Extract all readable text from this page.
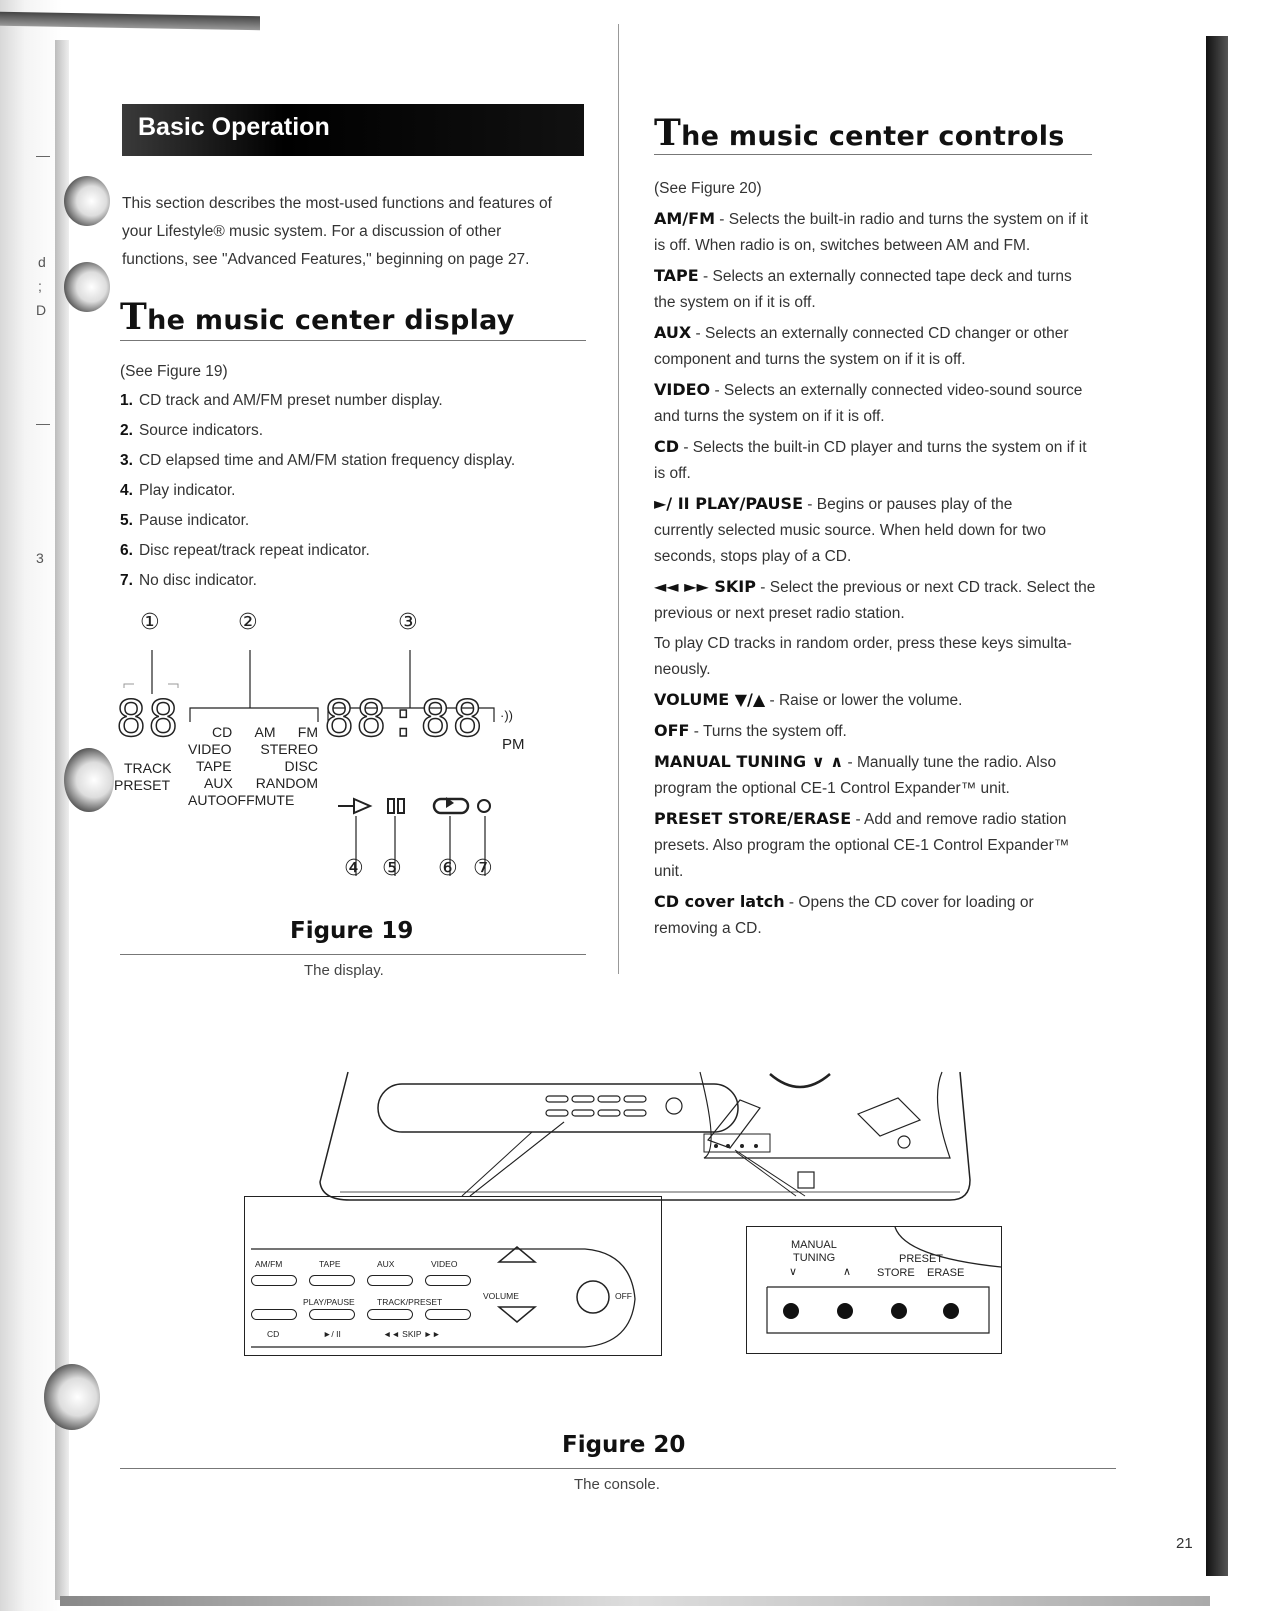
d
;
D
3
Basic Operation
This section describes the most-used functions and features of
your Lifestyle® music system. For a discussion of other
functions, see "Advanced Features," beginning on page 27.
The music center display
(See Figure 19)
1. CD track and AM/FM preset number display.
2. Source indicators.
3. CD elapsed time and AM/FM station frequency display.
4. Play indicator.
5. Pause indicator.
6. Disc repeat/track repeat indicator.
7. No disc indicator.
①	②	③
88
TRACK
PRESET
CD AM FM
VIDEO STEREO
TAPE	DISC
AUX RANDOM
AUTO OFF MUTE
88:88 ·))
PM
④ ⑤ ⑥ ⑦
Figure 19
The display.
The music center controls
(See Figure 20)
AM/FM - Selects the built-in radio and turns the system on if it
is off. When radio is on, switches between AM and FM.
TAPE - Selects an externally connected tape deck and turns
the system on if it is off.
AUX - Selects an externally connected CD changer or other
component and turns the system on if it is off.
VIDEO - Selects an externally connected video-sound source
and turns the system on if it is off.
CD - Selects the built-in CD player and turns the system on if it
is off.
►/ II PLAY/PAUSE - Begins or pauses play of the
currently selected music source. When held down for two
seconds, stops play of a CD.
◄◄ ►► SKIP - Select the previous or next CD track. Select the
previous or next preset radio station.
To play CD tracks in random order, press these keys simulta-
neously.
VOLUME ▼/▲ - Raise or lower the volume.
OFF - Turns the system off.
MANUAL TUNING ∨ ∧ - Manually tune the radio. Also
program the optional CE-1 Control Expander™ unit.
PRESET STORE/ERASE - Add and remove radio station
presets. Also program the optional CE-1 Control Expander™
unit.
CD cover latch - Opens the CD cover for loading or
removing a CD.
AM/FM	TAPE	AUX	VIDEO
PLAY/PAUSE	TRACK/PRESET
VOLUME	OFF
CD	►/ II	◄◄ SKIP ►►
MANUAL
TUNING
∨	∧
PRESET
STORE ERASE
Figure 20
The console.
21
